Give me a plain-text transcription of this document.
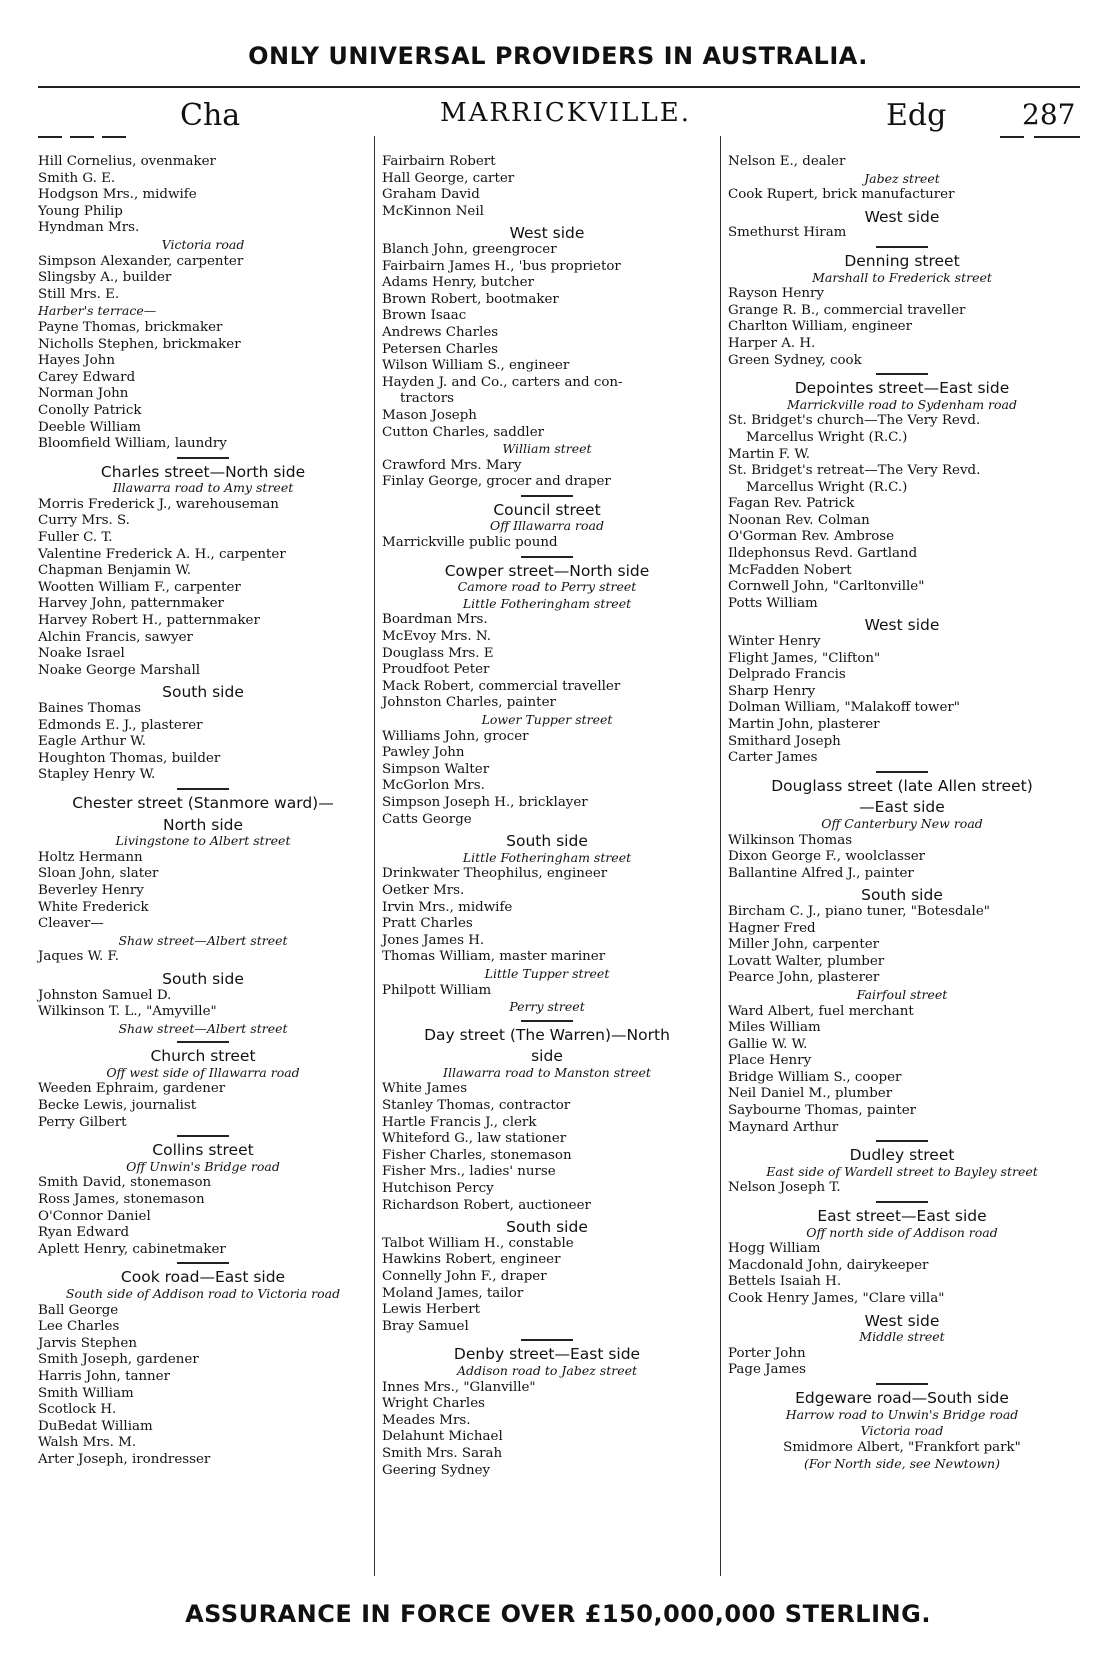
ONLY UNIVERSAL PROVIDERS IN AUSTRALIA.
Cha	MARRICKVILLE.	Edg	287
Hill Cornelius, ovenmaker
Smith G. E.
Hodgson Mrs., midwife
Young Philip
Hyndman Mrs.
Victoria road
Simpson Alexander, carpenter
Slingsby A., builder
Still Mrs. E.
Harber's terrace—
Payne Thomas, brickmaker
Nicholls Stephen, brickmaker
Hayes John
Carey Edward
Norman John
Conolly Patrick
Deeble William
Bloomfield William, laundry
Charles street—North side
Illawarra road to Amy street
Morris Frederick J., warehouseman
Curry Mrs. S.
Fuller C. T.
Valentine Frederick A. H., carpenter
Chapman Benjamin W.
Wootten William F., carpenter
Harvey John, patternmaker
Harvey Robert H., patternmaker
Alchin Francis, sawyer
Noake Israel
Noake George Marshall
South side
Baines Thomas
Edmonds E. J., plasterer
Eagle Arthur W.
Houghton Thomas, builder
Stapley Henry W.
Chester street (Stanmore ward)—
North side
Livingstone to Albert street
Holtz Hermann
Sloan John, slater
Beverley Henry
White Frederick
Cleaver—
Shaw street—Albert street
Jaques W. F.
South side
Johnston Samuel D.
Wilkinson T. L., "Amyville"
Shaw street—Albert street
Church street
Off west side of Illawarra road
Weeden Ephraim, gardener
Becke Lewis, journalist
Perry Gilbert
Collins street
Off Unwin's Bridge road
Smith David, stonemason
Ross James, stonemason
O'Connor Daniel
Ryan Edward
Aplett Henry, cabinetmaker
Cook road—East side
South side of Addison road to Victoria road
Ball George
Lee Charles
Jarvis Stephen
Smith Joseph, gardener
Harris John, tanner
Smith William
Scotlock H.
DuBedat William
Walsh Mrs. M.
Arter Joseph, irondresser
Fairbairn Robert
Hall George, carter
Graham David
McKinnon Neil
West side
Blanch John, greengrocer
Fairbairn James H., 'bus proprietor
Adams Henry, butcher
Brown Robert, bootmaker
Brown Isaac
Andrews Charles
Petersen Charles
Wilson William S., engineer
Hayden J. and Co., carters and con-
tractors
Mason Joseph
Cutton Charles, saddler
William street
Crawford Mrs. Mary
Finlay George, grocer and draper
Council street
Off Illawarra road
Marrickville public pound
Cowper street—North side
Camore road to Perry street
Little Fotheringham street
Boardman Mrs.
McEvoy Mrs. N.
Douglass Mrs. E
Proudfoot Peter
Mack Robert, commercial traveller
Johnston Charles, painter
Lower Tupper street
Williams John, grocer
Pawley John
Simpson Walter
McGorlon Mrs.
Simpson Joseph H., bricklayer
Catts George
South side
Little Fotheringham street
Drinkwater Theophilus, engineer
Oetker Mrs.
Irvin Mrs., midwife
Pratt Charles
Jones James H.
Thomas William, master mariner
Little Tupper street
Philpott William
Perry street
Day street (The Warren)—North
side
Illawarra road to Manston street
White James
Stanley Thomas, contractor
Hartle Francis J., clerk
Whiteford G., law stationer
Fisher Charles, stonemason
Fisher Mrs., ladies' nurse
Hutchison Percy
Richardson Robert, auctioneer
South side
Talbot William H., constable
Hawkins Robert, engineer
Connelly John F., draper
Moland James, tailor
Lewis Herbert
Bray Samuel
Denby street—East side
Addison road to Jabez street
Innes Mrs., "Glanville"
Wright Charles
Meades Mrs.
Delahunt Michael
Smith Mrs. Sarah
Geering Sydney
Nelson E., dealer
Jabez street
Cook Rupert, brick manufacturer
West side
Smethurst Hiram
Denning street
Marshall to Frederick street
Rayson Henry
Grange R. B., commercial traveller
Charlton William, engineer
Harper A. H.
Green Sydney, cook
Depointes street—East side
Marrickville road to Sydenham road
St. Bridget's church—The Very Revd.
Marcellus Wright (R.C.)
Martin F. W.
St. Bridget's retreat—The Very Revd.
Marcellus Wright (R.C.)
Fagan Rev. Patrick
Noonan Rev. Colman
O'Gorman Rev. Ambrose
Ildephonsus Revd. Gartland
McFadden Nobert
Cornwell John, "Carltonville"
Potts William
West side
Winter Henry
Flight James, "Clifton"
Delprado Francis
Sharp Henry
Dolman William, "Malakoff tower"
Martin John, plasterer
Smithard Joseph
Carter James
Douglass street (late Allen street)
—East side
Off Canterbury New road
Wilkinson Thomas
Dixon George F., woolclasser
Ballantine Alfred J., painter
South side
Bircham C. J., piano tuner, "Botesdale"
Hagner Fred
Miller John, carpenter
Lovatt Walter, plumber
Pearce John, plasterer
Fairfoul street
Ward Albert, fuel merchant
Miles William
Gallie W. W.
Place Henry
Bridge William S., cooper
Neil Daniel M., plumber
Saybourne Thomas, painter
Maynard Arthur
Dudley street
East side of Wardell street to Bayley street
Nelson Joseph T.
East street—East side
Off north side of Addison road
Hogg William
Macdonald John, dairykeeper
Bettels Isaiah H.
Cook Henry James, "Clare villa"
West side
Middle street
Porter John
Page James
Edgeware road—South side
Harrow road to Unwin's Bridge road
Victoria road
Smidmore Albert, "Frankfort park"
(For North side, see Newtown)
ASSURANCE IN FORCE OVER £150,000,000 STERLING.
